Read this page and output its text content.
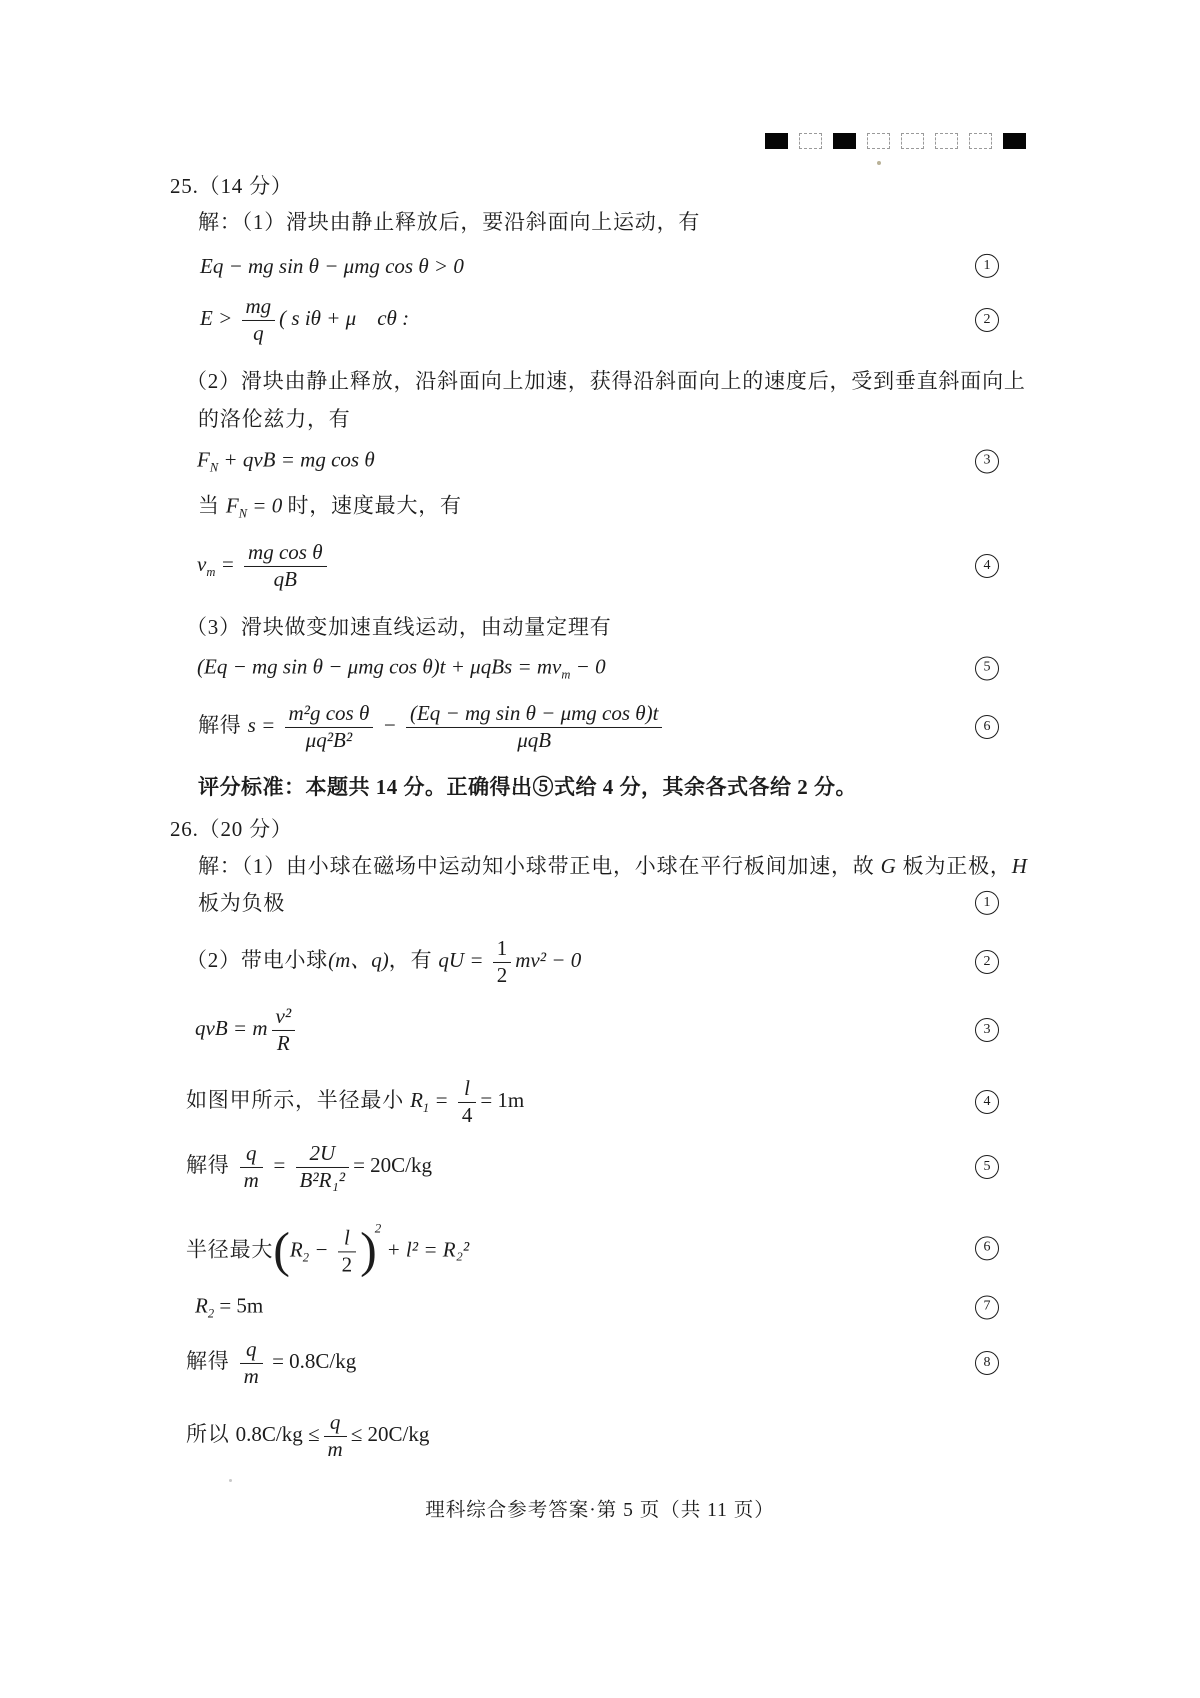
25.（14 分）
解：（1）滑块由静止释放后，要沿斜面向上运动，有
Eq − mg sin θ − μmg cos θ > 0	1
$E > \frac{mg}{q}$ ( s iθ + μ　cθ :	2
（2）滑块由静止释放，沿斜面向上加速，获得沿斜面向上的速度后，受到垂直斜面向上
的洛伦兹力，有
$F_N$ + qvB = mg cos θ	3
当 $F_N = 0$ 时，速度最大，有
$v_m = \frac{\text{mg cos θ}}{qB}$	4
（3）滑块做变加速直线运动，由动量定理有
(Eq − mg sin θ − μmg $\cos \theta)t + \mu qBs = mv_m - 0$	5
解得 $s = \frac{\text{m²g cos θ}}{\text{μq²B²}} - \frac{\text{(Eq − mg sin θ − μmg cos θ)t}}{\text{μqB}}$	6
评分标准：本题共 14 分。正确得出⑤式给 4 分，其余各式各给 2 分。
26.（20 分）
解：（1）由小球在磁场中运动知小球带正电，小球在平行板间加速，故 G 板为正极，H
板为负极	1
（2）带电小球(m、q)，有 qU = $\frac{1}{2} mv^2 - 0$	2
qvB = m $\frac{\text{v²}}{R}$	3
如图甲所示，半径最小 $R_1 = \frac{l}{4} = 1m$	4
解得 $\frac{q}{m} = \frac{2U}{\text{B²R₁²}} = 20C/kg$	5
半径最大$(R_2 - \frac{l}{2} )^2 + l^2 = R_2^2$	6
$R_2 = 5m$	7
解得 $\frac{q}{m} = 0.8C/kg$	8
所以 $0.8C/kg \le \frac{q}{m} \le 20C/kg$
理科综合参考答案·第 5 页（共 11 页）
